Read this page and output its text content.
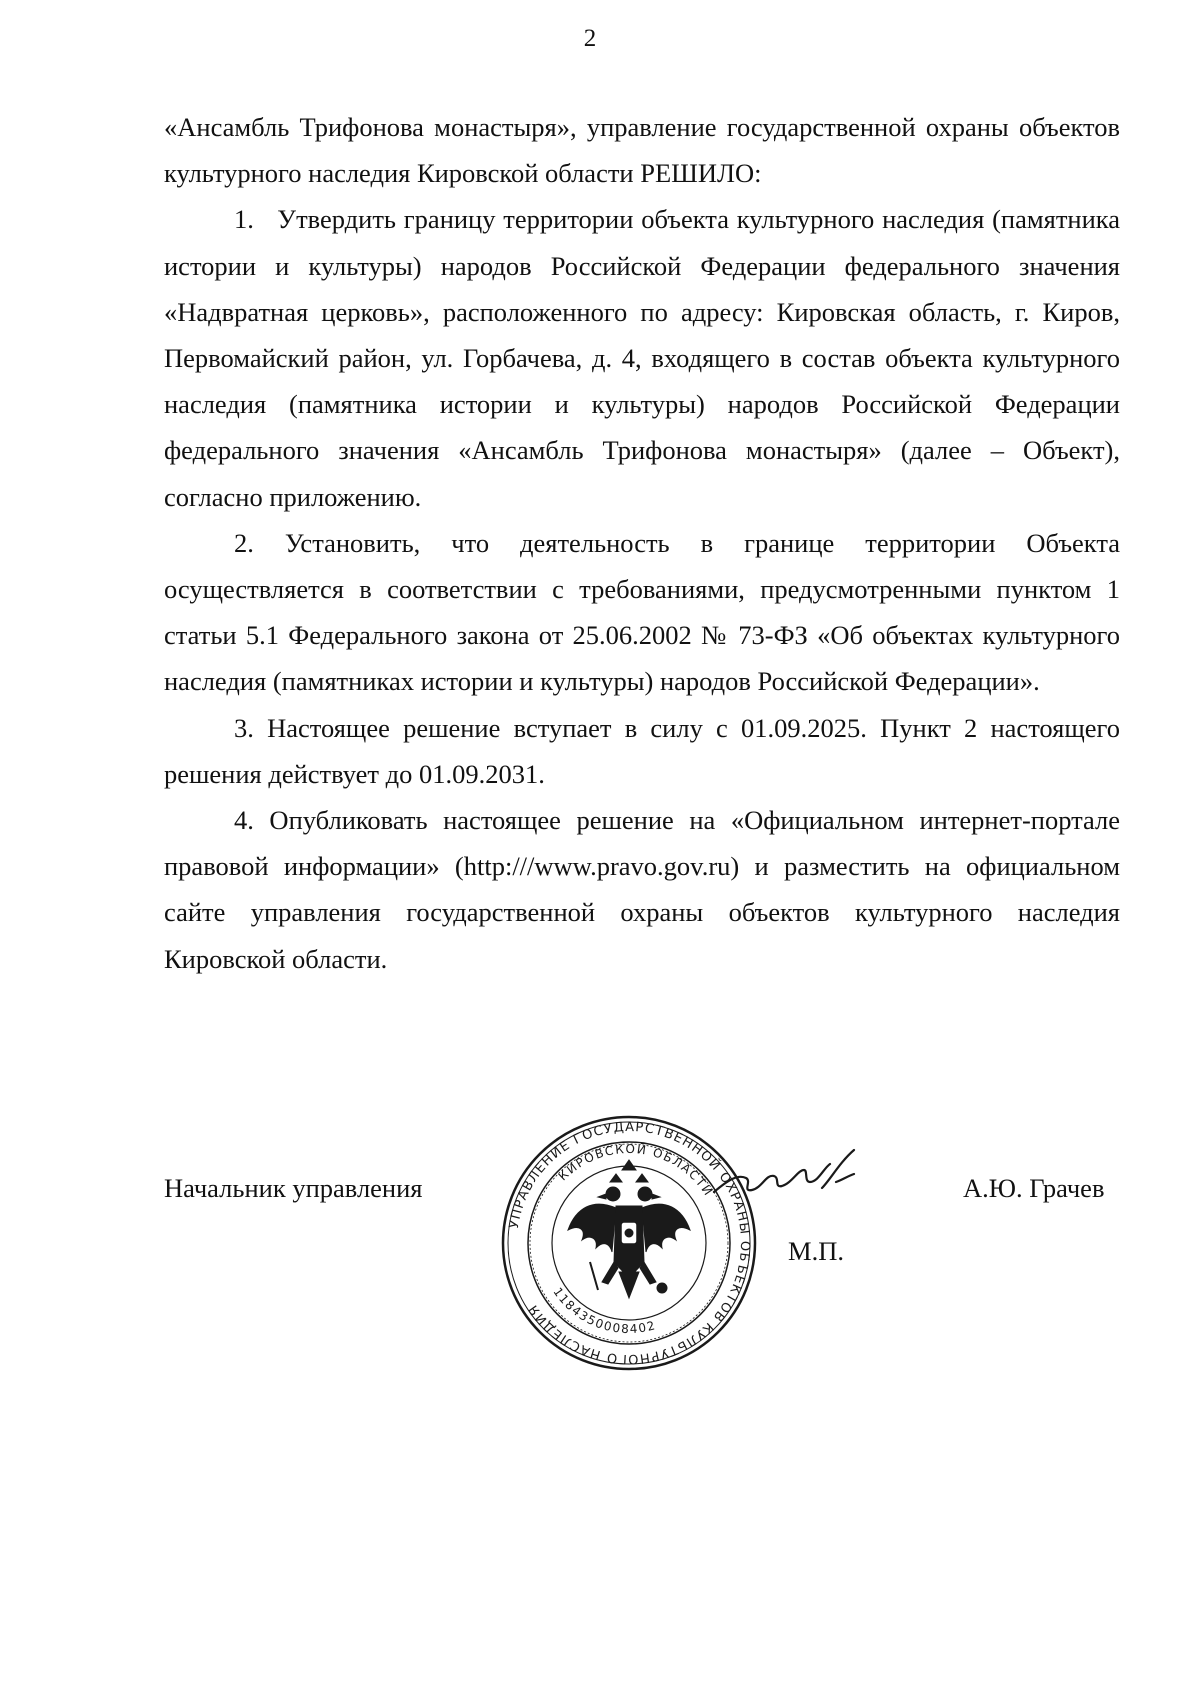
2

«Ансамбль Трифонова монастыря», управление государственной охраны объектов культурного наследия Кировской области РЕШИЛО:

1.   Утвердить границу территории объекта культурного наследия (памятника истории и культуры) народов Российской Федерации федерального значения «Надвратная церковь», расположенного по адресу: Кировская область, г. Киров, Первомайский район, ул. Горбачева, д. 4, входящего в состав объекта культурного наследия (памятника истории и культуры) народов Российской Федерации федерального значения «Ансамбль Трифонова монастыря» (далее – Объект), согласно приложению.

2. Установить, что деятельность в границе территории Объекта осуществляется в соответствии с требованиями, предусмотренными пунктом 1 статьи 5.1 Федерального закона от 25.06.2002 № 73-ФЗ «Об объектах культурного наследия (памятниках истории и культуры) народов Российской Федерации».

3. Настоящее решение вступает в силу с 01.09.2025. Пункт 2 настоящего решения действует до 01.09.2031.

4. Опубликовать настоящее решение на «Официальном интернет-портале правовой информации» (http:///www.pravo.gov.ru) и разместить на официальном сайте управления государственной охраны объектов культурного наследия Кировской области.

Начальник управления
УПРАВЛЕНИЕ ГОСУДАРСТВЕННОЙ ОХРАНЫ ОБЪЕКТОВ КУЛЬТУРНОГО НАСЛЕДИЯ
КИРОВСКОЙ ОБЛАСТИ
1184350008402
А.Ю. Грачев
М.П.
